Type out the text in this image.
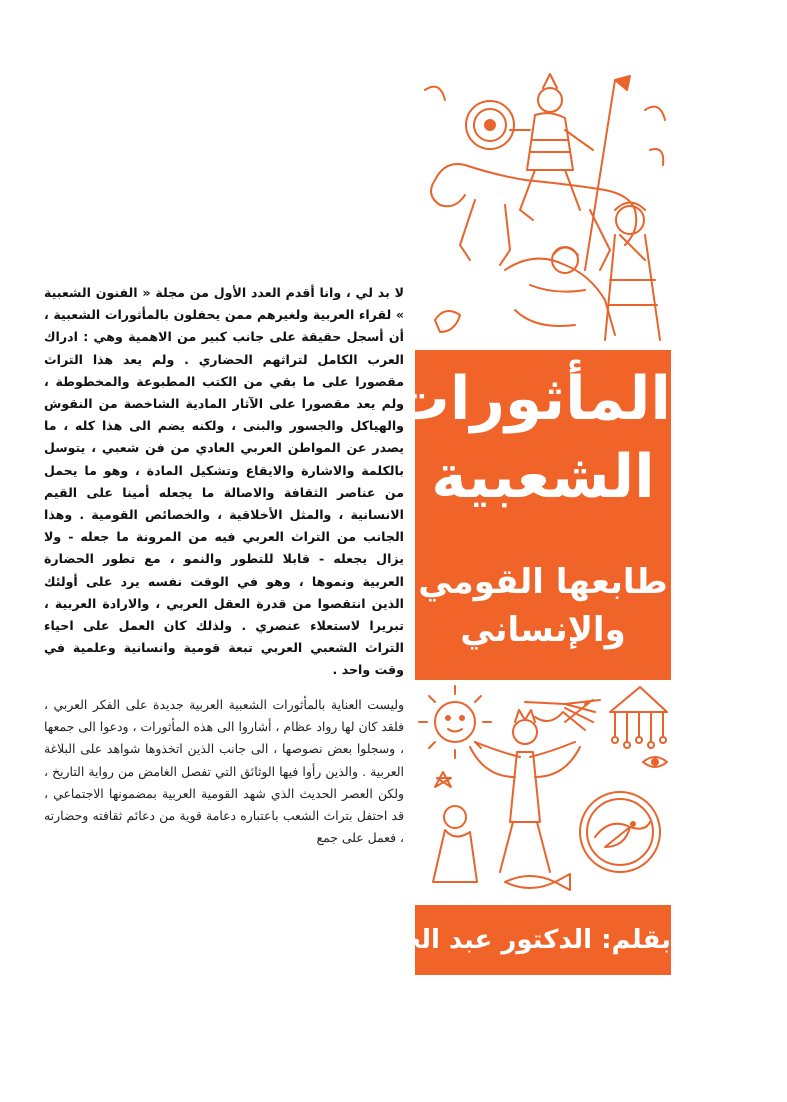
المأثورات
الشعبية
طابعها القومي
والإنساني
بقلم: الدكتور عبد الحميد يونس

لا بد لي ، وانا أقدم العدد الأول من مجلة « الفنون الشعبية » لقراء العربية ولغيرهم ممن يحفلون بالمأثورات الشعبية ، أن أسجل حقيقة على جانب كبير من الاهمية وهي : ادراك العرب الكامل لتراثهم الحضاري . ولم يعد هذا التراث مقصورا على ما بقي من الكتب المطبوعة والمخطوطة ، ولم يعد مقصورا على الآثار المادية الشاخصة من النقوش والهياكل والجسور والبنى ، ولكنه يضم الى هذا كله ، ما يصدر عن المواطن العربي العادي من فن شعبي ، يتوسل بالكلمة والاشارة والايقاع وتشكيل المادة ، وهو ما يحمل من عناصر الثقافة والاصالة ما يجعله أمينا على القيم الانسانية ، والمثل الأخلاقية ، والخصائص القومية . وهذا الجانب من التراث العربي فيه من المرونة ما جعله - ولا يزال يجعله - قابلا للتطور والنمو ، مع تطور الحضارة العربية ونموها ، وهو في الوقت نفسه يرد على أولئك الذين انتقصوا من قدرة العقل العربي ، والارادة العربية ، تبريرا لاستعلاء عنصري . ولذلك كان العمل على احياء التراث الشعبي العربي تبعة قومية وانسانية وعلمية في وقت واحد .

وليست العناية بالمأثورات الشعبية العربية جديدة على الفكر العربي ، فلقد كان لها رواد عظام ، أشاروا الى هذه المأثورات ، ودعوا الى جمعها ، وسجلوا بعض نصوصها ، الى جانب الذين اتخذوها شواهد على البلاغة العربية . والذين رأوا فيها الوثائق التي تفصل الغامض من رواية التاريخ ، ولكن العصر الحديث الذي شهد القومية العربية بمضمونها الاجتماعي ، قد احتفل بتراث الشعب باعتباره دعامة قوية من دعائم ثقافته وحضارته ، فعمل على جمع
